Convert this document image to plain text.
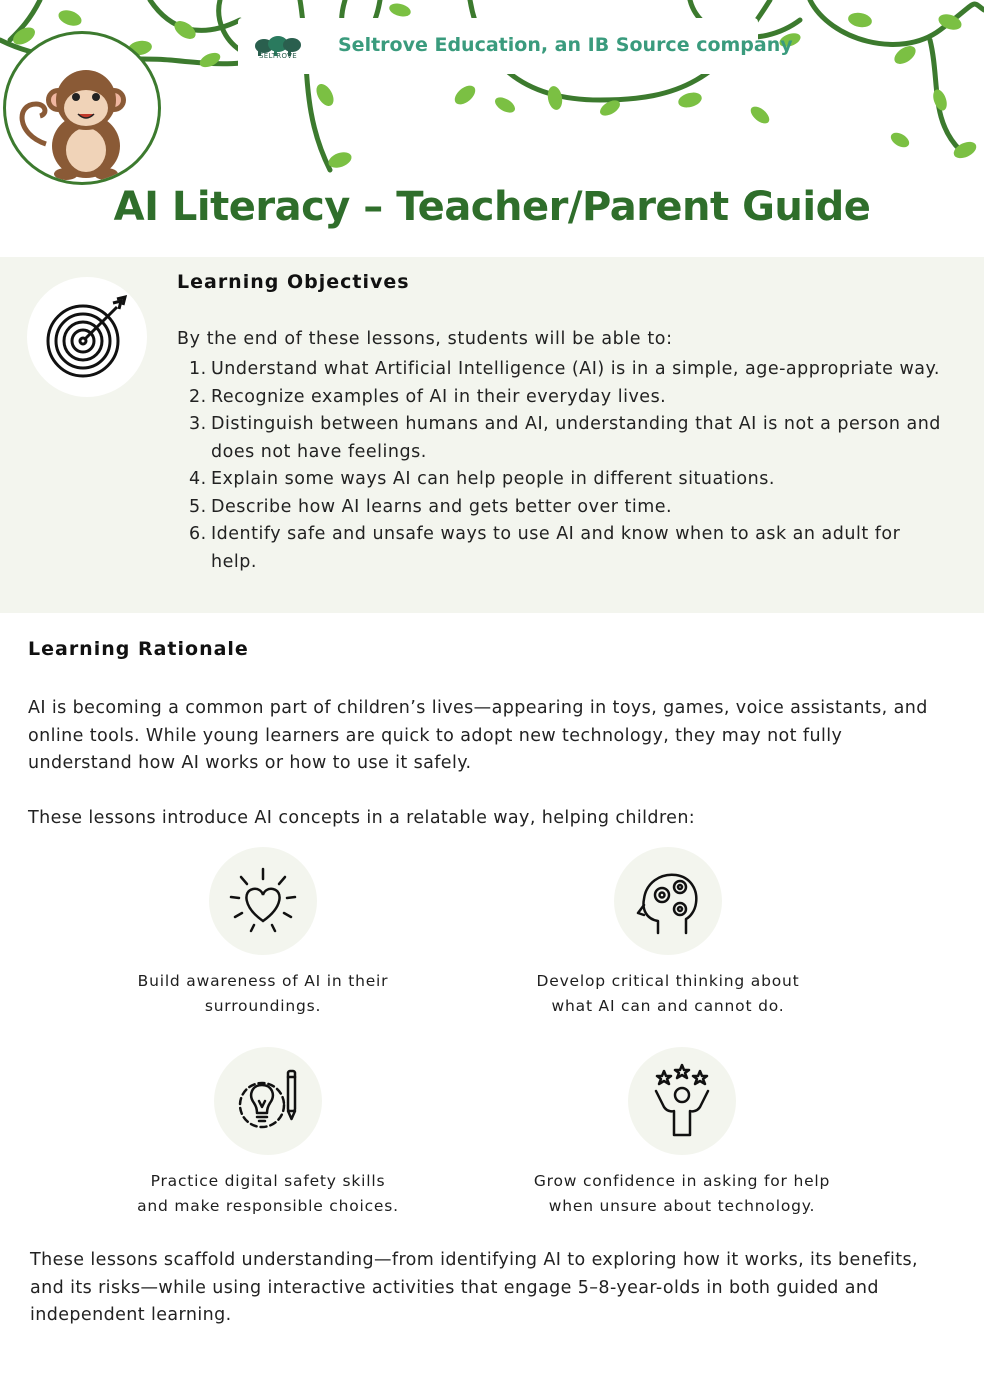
SELTROVE Seltrove Education, an IB Source company
AI Literacy – Teacher/Parent Guide
Learning Objectives

By the end of these lessons, students will be able to:

1. Understand what Artificial Intelligence (AI) is in a simple, age-appropriate way.
2. Recognize examples of AI in their everyday lives.
3. Distinguish between humans and AI, understanding that AI is not a person and does not have feelings.
4. Explain some ways AI can help people in different situations.
5. Describe how AI learns and gets better over time.
6. Identify safe and unsafe ways to use AI and know when to ask an adult for help.
Learning Rationale

AI is becoming a common part of children’s lives—appearing in toys, games, voice assistants, and online tools. While young learners are quick to adopt new technology, they may not fully understand how AI works or how to use it safely.

These lessons introduce AI concepts in a relatable way, helping children:

Build awareness of AI in their
surroundings.

Develop critical thinking about
what AI can and cannot do.

Practice digital safety skills
and make responsible choices.

Grow confidence in asking for help
when unsure about technology.

These lessons scaffold understanding—from identifying AI to exploring how it works, its benefits, and its risks—while using interactive activities that engage 5–8-year-olds in both guided and independent learning.
